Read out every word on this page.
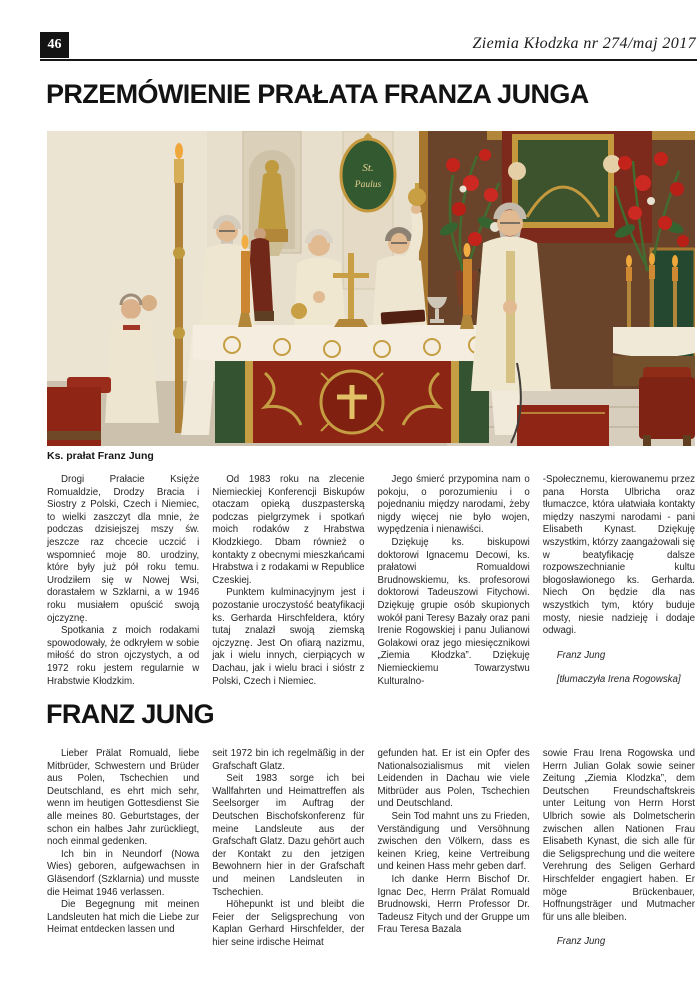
46	Ziemia Kłodzka nr 274/maj 2017
PRZEMÓWIENIE PRAŁATA FRANZA JUNGA
St.
Paulus
Ks. prałat Franz Jung

Drogi Prałacie Księże Romualdzie, Drodzy Bracia i Siostry z Polski, Czech i Niemiec, to wielki zaszczyt dla mnie, że podczas dzisiejszej mszy św. jeszcze raz chcecie uczcić i wspomnieć moje 80. urodziny, które były już pół roku temu. Urodziłem się w Nowej Wsi, dorastałem w Szklarni, a w 1946 roku musiałem opuścić swoją ojczyznę.

Spotkania z moich rodakami spowodowały, że odkryłem w sobie miłość do stron ojczystych, a od 1972 roku jestem regularnie w Hrabstwie Kłodzkim.

Od 1983 roku na zlecenie Niemieckiej Konferencji Biskupów otaczam opieką duszpasterską podczas pielgrzymek i spotkań moich rodaków z Hrabstwa Kłodzkiego. Dbam również o kontakty z obecnymi mieszkańcami Hrabstwa i z rodakami w Republice Czeskiej.

Punktem kulminacyjnym jest i pozostanie uroczystość beatyfikacji ks. Gerharda Hirschfeldera, który tutaj znalazł swoją ziemską ojczyznę. Jest On ofiarą nazizmu, jak i wielu innych, cierpiących w Dachau, jak i wielu braci i sióstr z Polski, Czech i Niemiec.

Jego śmierć przypomina nam o pokoju, o porozumieniu i o pojednaniu między narodami, żeby nigdy więcej nie było wojen, wypędzenia i nienawiści.

Dziękuję ks. biskupowi doktorowi Ignacemu Decowi, ks. prałatowi Romualdowi Brudnowskiemu, ks. profesorowi doktorowi Tadeuszowi Fitychowi. Dziękuję grupie osób skupionych wokół pani Teresy Bazały oraz pani Irenie Rogowskiej i panu Julianowi Golakowi oraz jego miesięcznikowi „Ziemia Kłodzka”. Dziękuję Niemieckiemu Towarzystwu Kulturalno-

-Społecznemu, kierowanemu przez pana Horsta Ulbricha oraz tłumaczce, która ułatwiała kontakty między naszymi narodami - pani Elisabeth Kynast. Dziękuję wszystkim, którzy zaangażowali się w beatyfikację dalsze rozpowszechnianie kultu błogosławionego ks. Gerharda. Niech On będzie dla nas wszystkich tym, który buduje mosty, niesie nadzieję i dodaje odwagi.

Franz Jung

[tłumaczyła Irena Rogowska]

FRANZ JUNG

Lieber Prälat Romuald, liebe Mitbrüder, Schwestern und Brüder aus Polen, Tschechien und Deutschland, es ehrt mich sehr, wenn im heutigen Gottesdienst Sie alle meines 80. Geburtstages, der schon ein halbes Jahr zurückliegt, noch einmal gedenken.

Ich bin in Neundorf (Nowa Wies) geboren, aufgewachsen in Gläsendorf (Szklarnia) und musste die Heimat 1946 verlassen.

Die Begegnung mit meinen Landsleuten hat mich die Liebe zur Heimat entdecken lassen und

seit 1972 bin ich regelmäßig in der Grafschaft Glatz.

Seit 1983 sorge ich bei Wallfahrten und Heimattreffen als Seelsorger im Auftrag der Deutschen Bischofskonferenz für meine Landsleute aus der Grafschaft Glatz. Dazu gehört auch der Kontakt zu den jetzigen Bewohnern hier in der Grafschaft und meinen Landsleuten in Tschechien.

Höhepunkt ist und bleibt die Feier der Seligsprechung von Kaplan Gerhard Hirschfelder, der hier seine irdische Heimat

gefunden hat. Er ist ein Opfer des Nationalsozialismus mit vielen Leidenden in Dachau wie viele Mitbrüder aus Polen, Tschechien und Deutschland.

Sein Tod mahnt uns zu Frieden, Verständigung und Versöhnung zwischen den Völkern, dass es keinen Krieg, keine Vertreibung und keinen Hass mehr geben darf.

Ich danke Herrn Bischof Dr. Ignac Dec, Herrn Prälat Romuald Brudnowski, Herrn Professor Dr. Tadeusz Fitych und der Gruppe um Frau Teresa Bazala

sowie Frau Irena Rogowska und Herrn Julian Golak sowie seiner Zeitung „Ziemia Klodzka”, dem Deutschen Freundschaftskreis unter Leitung von Herrn Horst Ulbrich sowie als Dolmetscherin zwischen allen Nationen Frau Elisabeth Kynast, die sich alle für die Seligsprechung und die weitere Verehrung des Seligen Gerhard Hirschfelder engagiert haben. Er möge Brückenbauer, Hoffnungsträger und Mutmacher für uns alle bleiben.

Franz Jung
